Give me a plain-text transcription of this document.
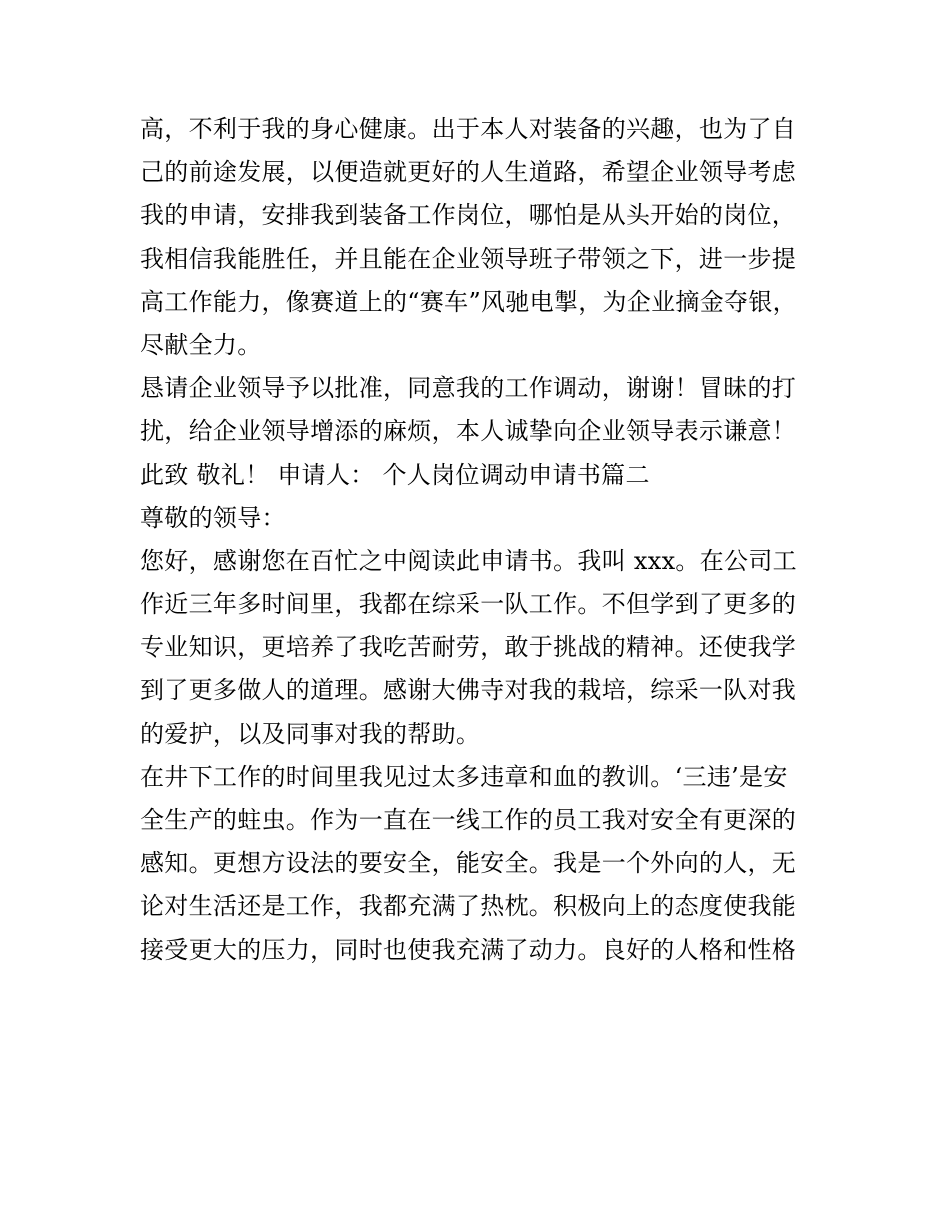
高，不利于我的身心健康。出于本人对装备的兴趣，也为了自
己的前途发展，以便造就更好的人生道路，希望企业领导考虑
我的申请，安排我到装备工作岗位，哪怕是从头开始的岗位，
我相信我能胜任，并且能在企业领导班子带领之下，进一步提
高工作能力，像赛道上的“赛车”风驰电掣，为企业摘金夺银，
尽献全力。
恳请企业领导予以批准，同意我的工作调动，谢谢！冒昧的打
扰，给企业领导增添的麻烦，本人诚挚向企业领导表示谦意！
此致 敬礼！ 申请人： 个人岗位调动申请书篇二
尊敬的领导：
您好，感谢您在百忙之中阅读此申请书。我叫 xxx。在公司工
作近三年多时间里，我都在综采一队工作。不但学到了更多的
专业知识，更培养了我吃苦耐劳，敢于挑战的精神。还使我学
到了更多做人的道理。感谢大佛寺对我的栽培，综采一队对我
的爱护，以及同事对我的帮助。
在井下工作的时间里我见过太多违章和血的教训。‘三违’是安
全生产的蛀虫。作为一直在一线工作的员工我对安全有更深的
感知。更想方设法的要安全，能安全。我是一个外向的人，无
论对生活还是工作，我都充满了热枕。积极向上的态度使我能
接受更大的压力，同时也使我充满了动力。良好的人格和性格
